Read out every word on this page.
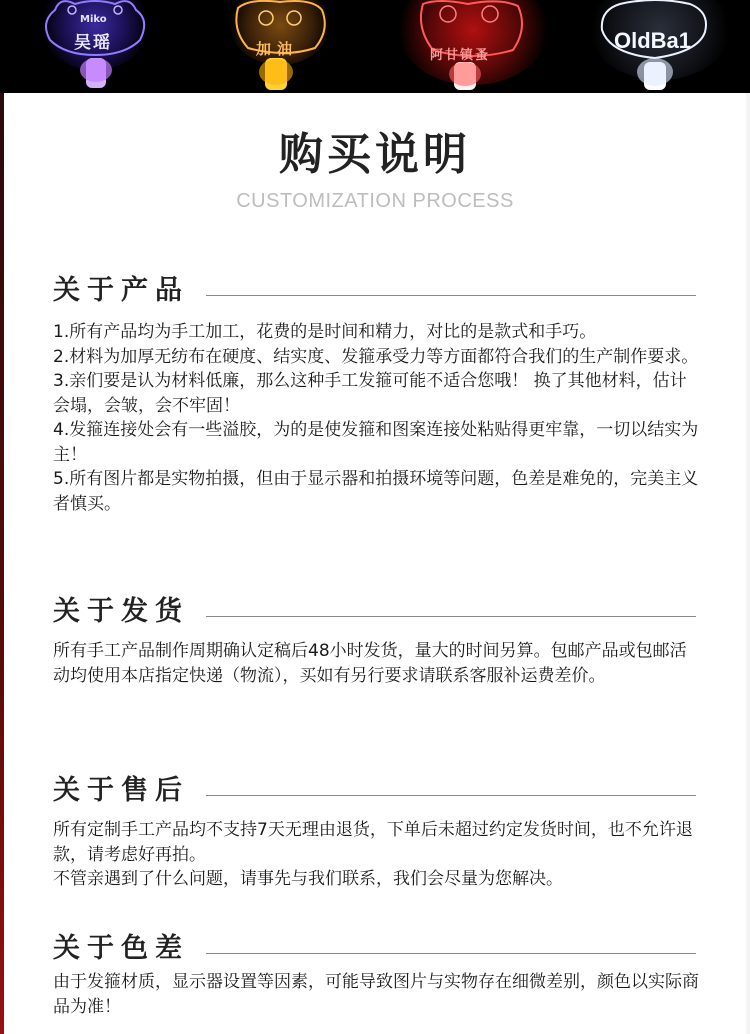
Miko
吴瑶	加油	阿甘镇蚤
OldBa1
购买说明
CUSTOMIZATION PROCESS
关于产品

1.所有产品均为手工加工，花费的是时间和精力，对比的是款式和手巧。

2.材料为加厚无纺布在硬度、结实度、发箍承受力等方面都符合我们的生产制作要求。

3.亲们要是认为材料低廉，那么这种手工发箍可能不适合您哦！ 换了其他材料，估计会塌，会皱，会不牢固！

4.发箍连接处会有一些溢胶，为的是使发箍和图案连接处粘贴得更牢靠，一切以结实为主！

5.所有图片都是实物拍摄，但由于显示器和拍摄环境等问题，色差是难免的，完美主义者慎买。

关于发货

所有手工产品制作周期确认定稿后48小时发货，量大的时间另算。包邮产品或包邮活动均使用本店指定快递（物流），买如有另行要求请联系客服补运费差价。

关于售后

所有定制手工产品均不支持7天无理由退货，下单后未超过约定发货时间，也不允许退款，请考虑好再拍。

不管亲遇到了什么问题，请事先与我们联系，我们会尽量为您解决。

关于色差

由于发箍材质，显示器设置等因素，可能导致图片与实物存在细微差别，颜色以实际商品为准！
